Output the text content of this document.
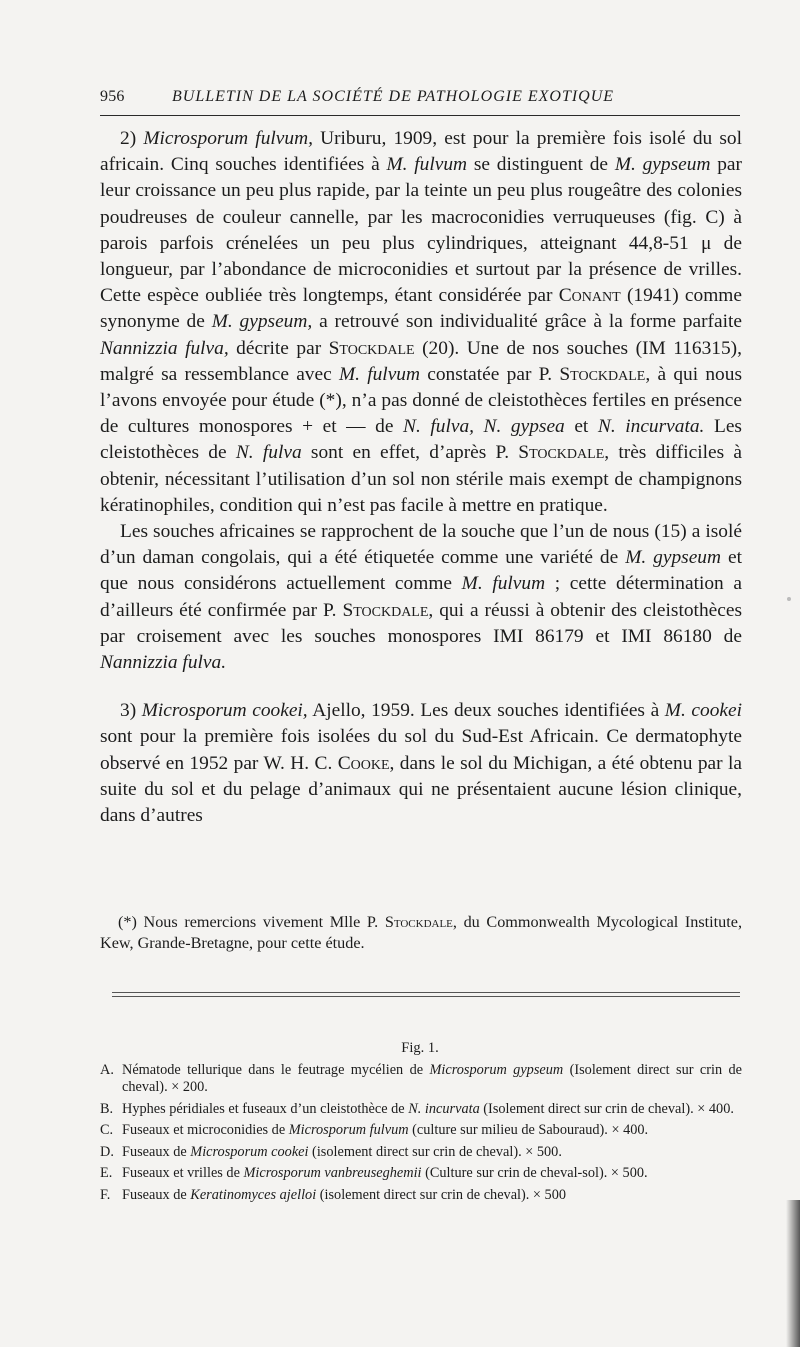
956	BULLETIN DE LA SOCIÉTÉ DE PATHOLOGIE EXOTIQUE

2) Microsporum fulvum, Uriburu, 1909, est pour la première fois isolé du sol africain. Cinq souches identifiées à M. fulvum se distinguent de M. gypseum par leur croissance un peu plus rapide, par la teinte un peu plus rougeâtre des colonies poudreuses de couleur cannelle, par les macroconidies verruqueuses (fig. C) à parois parfois crénelées un peu plus cylindriques, atteignant 44,8-51 μ de longueur, par l’abondance de microconidies et surtout par la présence de vrilles. Cette espèce oubliée très longtemps, étant considérée par Conant (1941) comme synonyme de M. gypseum, a retrouvé son individualité grâce à la forme parfaite Nannizzia fulva, décrite par Stockdale (20). Une de nos souches (IM 116315), malgré sa ressemblance avec M. fulvum constatée par P. Stockdale, à qui nous l’avons envoyée pour étude (*), n’a pas donné de cleistothèces fertiles en présence de cultures monospores + et — de N. fulva, N. gypsea et N. incurvata. Les cleistothèces de N. fulva sont en effet, d’après P. Stockdale, très difficiles à obtenir, nécessitant l’utilisation d’un sol non stérile mais exempt de champignons kératinophiles, condition qui n’est pas facile à mettre en pratique.

Les souches africaines se rapprochent de la souche que l’un de nous (15) a isolé d’un daman congolais, qui a été étiquetée comme une variété de M. gypseum et que nous considérons actuellement comme M. fulvum ; cette détermination a d’ailleurs été confirmée par P. Stockdale, qui a réussi à obtenir des cleistothèces par croisement avec les souches monospores IMI 86179 et IMI 86180 de Nannizzia fulva.

3) Microsporum cookei, Ajello, 1959. Les deux souches identifiées à M. cookei sont pour la première fois isolées du sol du Sud-Est Africain. Ce dermatophyte observé en 1952 par W. H. C. Cooke, dans le sol du Michigan, a été obtenu par la suite du sol et du pelage d’animaux qui ne présentaient aucune lésion clinique, dans d’autres

(*) Nous remercions vivement Mlle P. Stockdale, du Commonwealth Mycological Institute, Kew, Grande-Bretagne, pour cette étude.

Fig. 1.
A. Nématode tellurique dans le feutrage mycélien de Microsporum gypseum (Isolement direct sur crin de cheval). × 200.
B. Hyphes péridiales et fuseaux d’un cleistothèce de N. incurvata (Isolement direct sur crin de cheval). × 400.
C. Fuseaux et microconidies de Microsporum fulvum (culture sur milieu de Sabouraud). × 400.
D. Fuseaux de Microsporum cookei (isolement direct sur crin de cheval). × 500.
E. Fuseaux et vrilles de Microsporum vanbreuseghemii (Culture sur crin de cheval-sol). × 500.
F. Fuseaux de Keratinomyces ajelloi (isolement direct sur crin de cheval). × 500
